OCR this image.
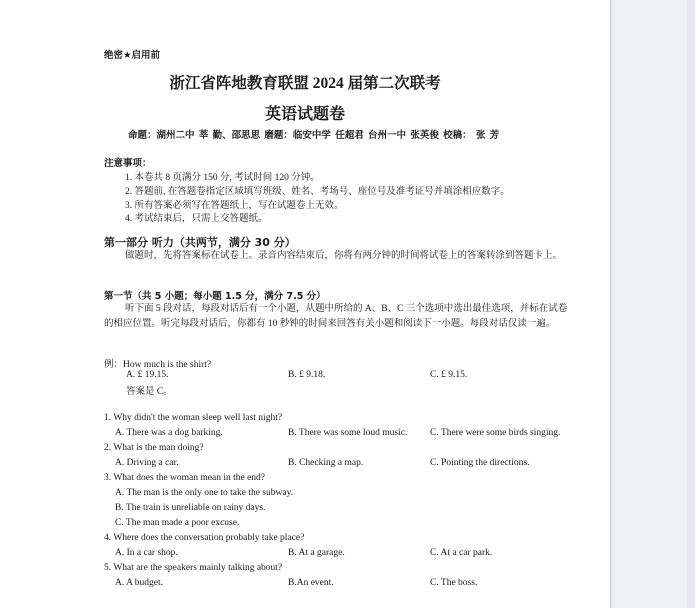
绝密★启用前
浙江省阵地教育联盟 2024 届第二次联考
英语试题卷
命题：湖州二中 莘 勤、邵思思 磨题：临安中学 任超君 台州一中 张英俊 校稿： 张 芳
注意事项：
1. 本卷共 8 页满分 150 分, 考试时间 120 分钟。
2. 答题前, 在答题卷指定区域填写班级、姓名、考场号、座位号及准考证号并填涂相应数字。
3. 所有答案必须写在答题纸上，写在试题卷上无效。
4. 考试结束后，只需上交答题纸。
第一部分 听力（共两节，满分 30 分）
做题时，先将答案标在试卷上。录音内容结束后，你将有两分钟的时间将试卷上的答案转涂到答题卡上。
第一节（共 5 小题；每小题 1.5 分，满分 7.5 分）
听下面 5 段对话，每段对话后有一个小题，从题中所给的 A、B、C 三个选项中选出最佳选项，并标在试卷的相应位置。听完每段对话后，你都有 10 秒钟的时间来回答有关小题和阅读下一小题。每段对话仅读一遍。
例：How much is the shirt?
A. £ 19.15.	B. £ 9.18.	C. £ 9.15.
答案是 C。
1. Why didn't the woman sleep well last night?
A. There was a dog barking.	B. There was some loud music. C. There were some birds singing.
2. What is the man doing?
A. Driving a car.	B. Checking a map.	C. Pointing the directions.
3. What does the woman mean in the end?
A. The man is the only one to take the subway.
B. The train is unreliable on rainy days.
C. The man made a poor excuse.
4. Where does the conversation probably take place?
A. In a car shop.	B. At a garage.	C. At a car park.
5. What are the speakers mainly talking about?
A. A budget.	B.An event.	C. The boss.
